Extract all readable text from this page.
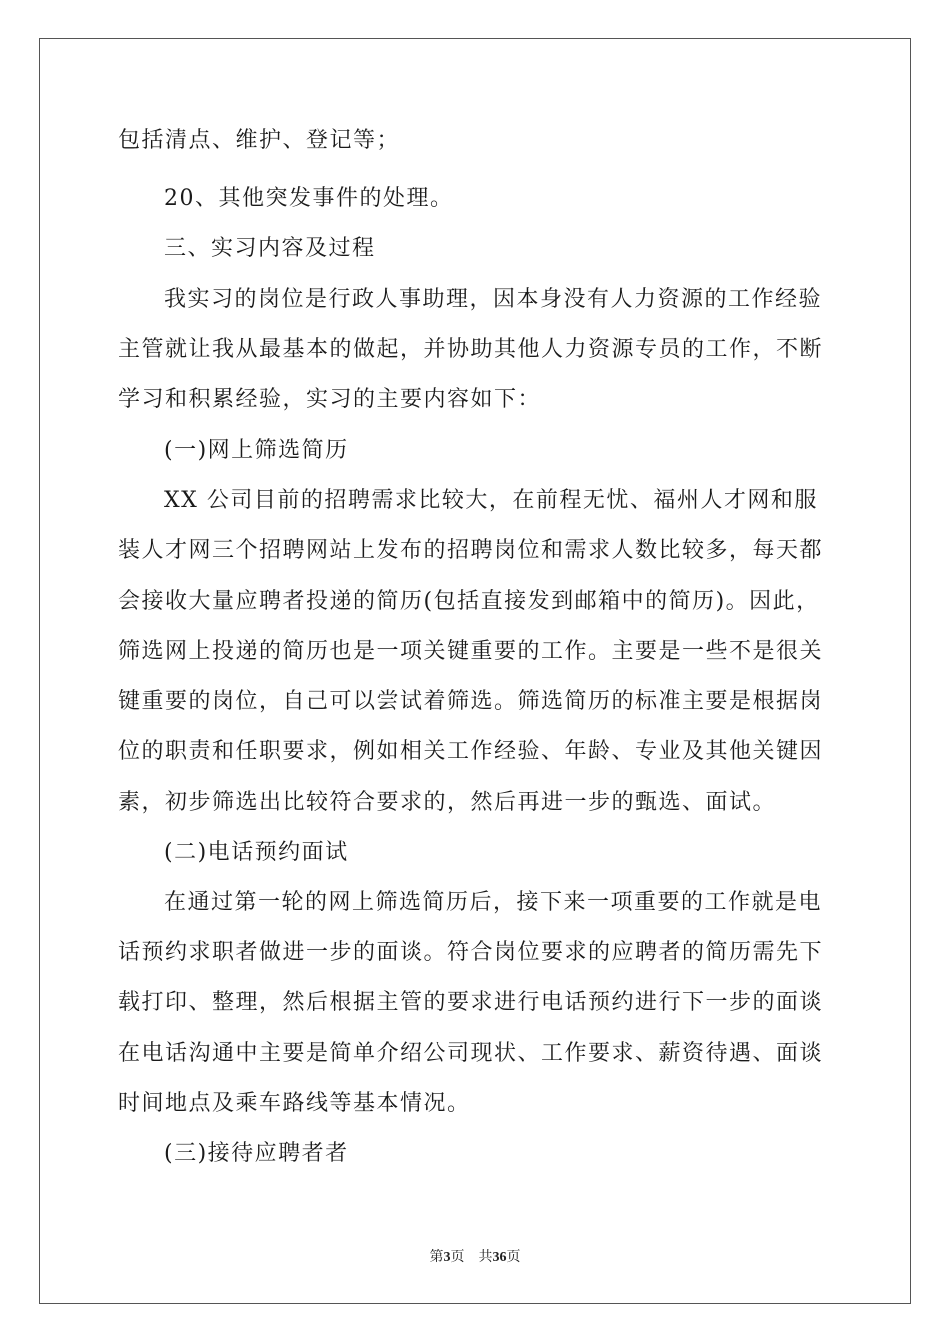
包括清点、维护、登记等；
20、其他突发事件的处理。
三、实习内容及过程
我实习的岗位是行政人事助理，因本身没有人力资源的工作经验
主管就让我从最基本的做起，并协助其他人力资源专员的工作，不断
学习和积累经验，实习的主要内容如下：
(一)网上筛选简历
XX 公司目前的招聘需求比较大，在前程无忧、福州人才网和服
装人才网三个招聘网站上发布的招聘岗位和需求人数比较多，每天都
会接收大量应聘者投递的简历(包括直接发到邮箱中的简历)。因此，
筛选网上投递的简历也是一项关键重要的工作。主要是一些不是很关
键重要的岗位，自己可以尝试着筛选。筛选简历的标准主要是根据岗
位的职责和任职要求，例如相关工作经验、年龄、专业及其他关键因
素，初步筛选出比较符合要求的，然后再进一步的甄选、面试。
(二)电话预约面试
在通过第一轮的网上筛选简历后，接下来一项重要的工作就是电
话预约求职者做进一步的面谈。符合岗位要求的应聘者的简历需先下
载打印、整理，然后根据主管的要求进行电话预约进行下一步的面谈
在电话沟通中主要是简单介绍公司现状、工作要求、薪资待遇、面谈
时间地点及乘车路线等基本情况。
(三)接待应聘者者
第3页　共36页
